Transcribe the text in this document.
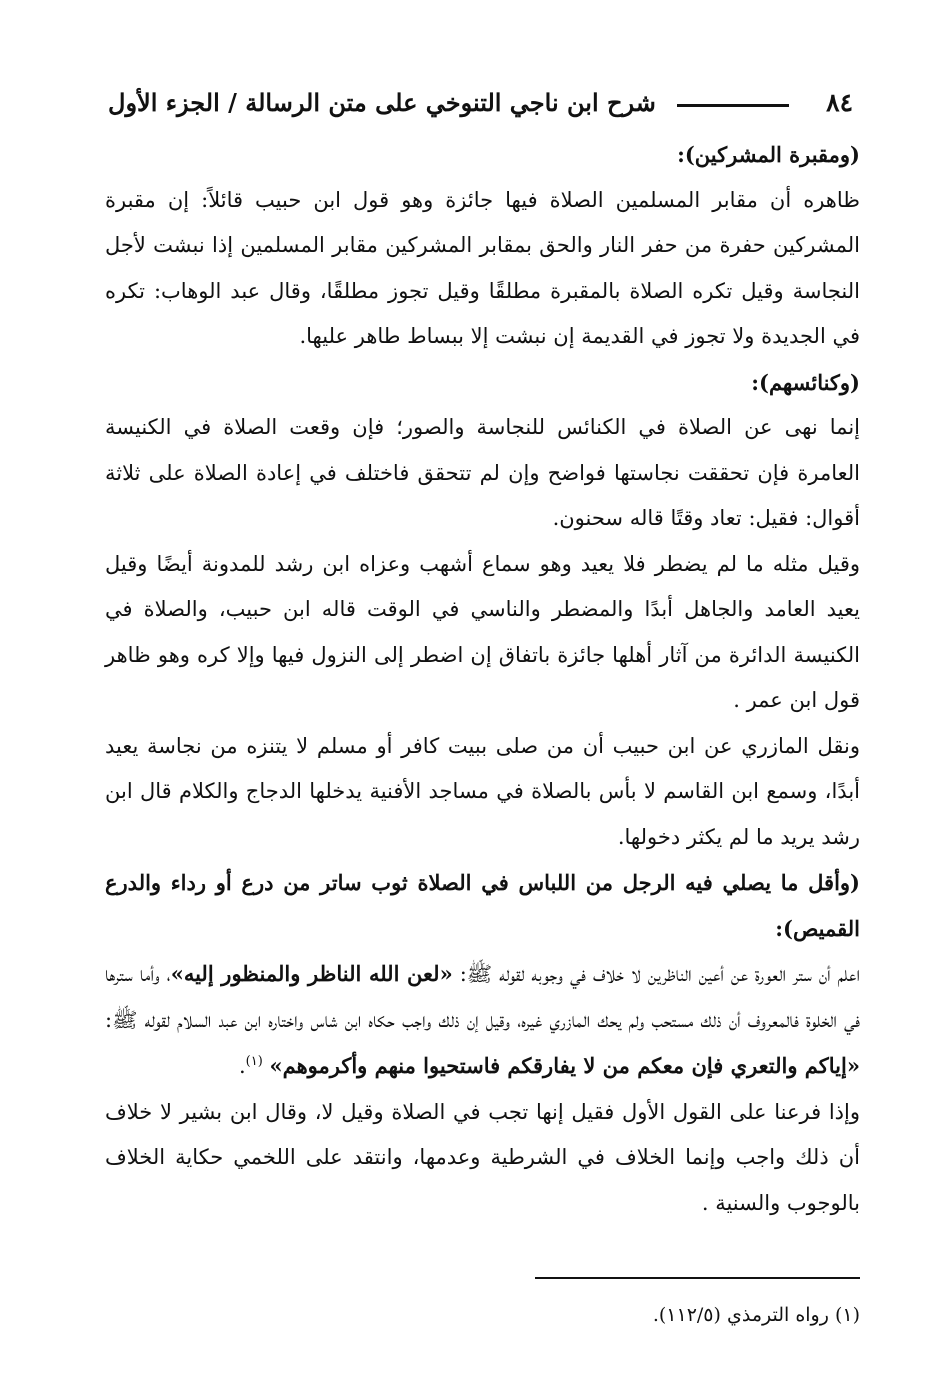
٨٤
شرح ابن ناجي التنوخي على متن الرسالة / الجزء الأول

(ومقبرة المشركين):

ظاهره أن مقابر المسلمين الصلاة فيها جائزة وهو قول ابن حبيب قائلاً: إن مقبرة المشركين حفرة من حفر النار والحق بمقابر المشركين مقابر المسلمين إذا نبشت لأجل النجاسة وقيل تكره الصلاة بالمقبرة مطلقًا وقيل تجوز مطلقًا، وقال عبد الوهاب: تكره في الجديدة ولا تجوز في القديمة إن نبشت إلا ببساط طاهر عليها.

(وكنائسهم):

إنما نهى عن الصلاة في الكنائس للنجاسة والصور؛ فإن وقعت الصلاة في الكنيسة العامرة فإن تحققت نجاستها فواضح وإن لم تتحقق فاختلف في إعادة الصلاة على ثلاثة أقوال: فقيل: تعاد وقتًا قاله سحنون.

وقيل مثله ما لم يضطر فلا يعيد وهو سماع أشهب وعزاه ابن رشد للمدونة أيضًا وقيل يعيد العامد والجاهل أبدًا والمضطر والناسي في الوقت قاله ابن حبيب، والصلاة في الكنيسة الدائرة من آثار أهلها جائزة باتفاق إن اضطر إلى النزول فيها وإلا كره وهو ظاهر قول ابن عمر .

ونقل المازري عن ابن حبيب أن من صلى ببيت كافر أو مسلم لا يتنزه من نجاسة يعيد أبدًا، وسمع ابن القاسم لا بأس بالصلاة في مساجد الأفنية يدخلها الدجاج والكلام قال ابن رشد يريد ما لم يكثر دخولها.

(وأقل ما يصلي فيه الرجل من اللباس في الصلاة ثوب ساتر من درع أو رداء والدرع القميص):

اعلم أن ستر العورة عن أعين الناظرين لا خلاف في وجوبه لقوله ﷺ: «لعن الله الناظر والمنظور إليه»، وأما سترها في الخلوة فالمعروف أن ذلك مستحب ولم يحك المازري غيره، وقيل إن ذلك واجب حكاه ابن شاس واختاره ابن عبد السلام لقوله ﷺ: «إياكم والتعري فإن معكم من لا يفارقكم فاستحيوا منهم وأكرموهم» $^{(١)}$.

وإذا فرعنا على القول الأول فقيل إنها تجب في الصلاة وقيل لا، وقال ابن بشير لا خلاف أن ذلك واجب وإنما الخلاف في الشرطية وعدمها، وانتقد على اللخمي حكاية الخلاف بالوجوب والسنية .

(١) رواه الترمذي (١١٢/٥).
